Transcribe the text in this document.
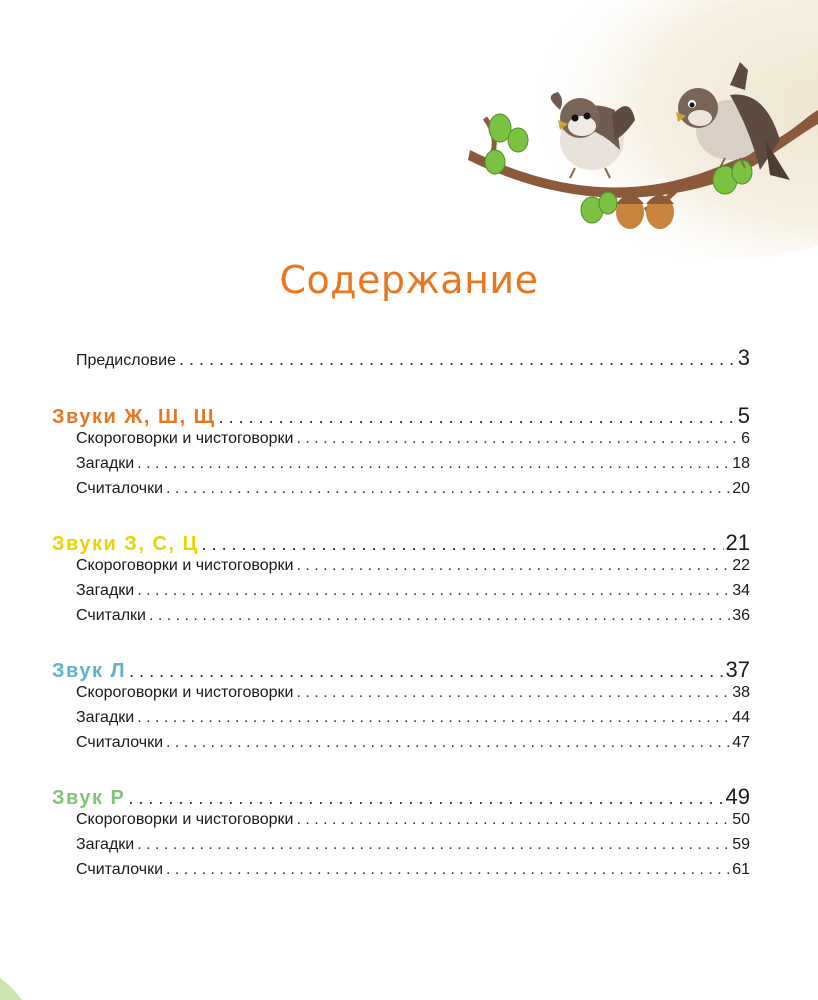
Содержание
Предисловие . . .	3
Звуки Ж, Ш, Щ . . .	5
Скороговорки и чистоговорки . . .	6
Загадки . . .	18
Считалочки . . .	20
Звуки З, С, Ц . . .	21
Скороговорки и чистоговорки . . .	22
Загадки . . .	34
Считалки . . .	36
Звук Л . . .	37
Скороговорки и чистоговорки . . .	38
Загадки . . .	44
Считалочки . . .	47
Звук Р . . .	49
Скороговорки и чистоговорки . . .	50
Загадки . . .	59
Считалочки . . .	61
